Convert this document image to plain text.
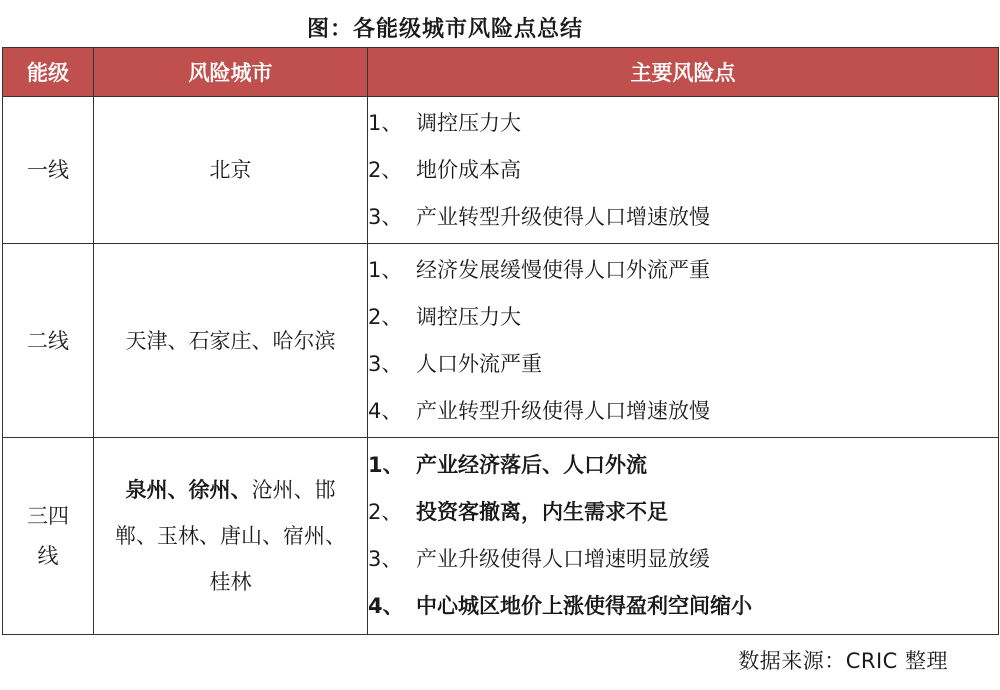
图：各能级城市风险点总结
能级	风险城市	主要风险点
一线	北京	1、 调控压力大
2、 地价成本高
3、 产业转型升级使得人口增速放慢

二线	天津、石家庄、哈尔滨	1、 经济发展缓慢使得人口外流严重
2、 调控压力大
3、 人口外流严重
4、 产业转型升级使得人口增速放慢

三四线	泉州、徐州、沧州、邯郸、玉林、唐山、宿州、桂林	1、 产业经济落后、人口外流
2、 投资客撤离，内生需求不足
3、 产业升级使得人口增速明显放缓
4、 中心城区地价上涨使得盈利空间缩小
数据来源：CRIC 整理
